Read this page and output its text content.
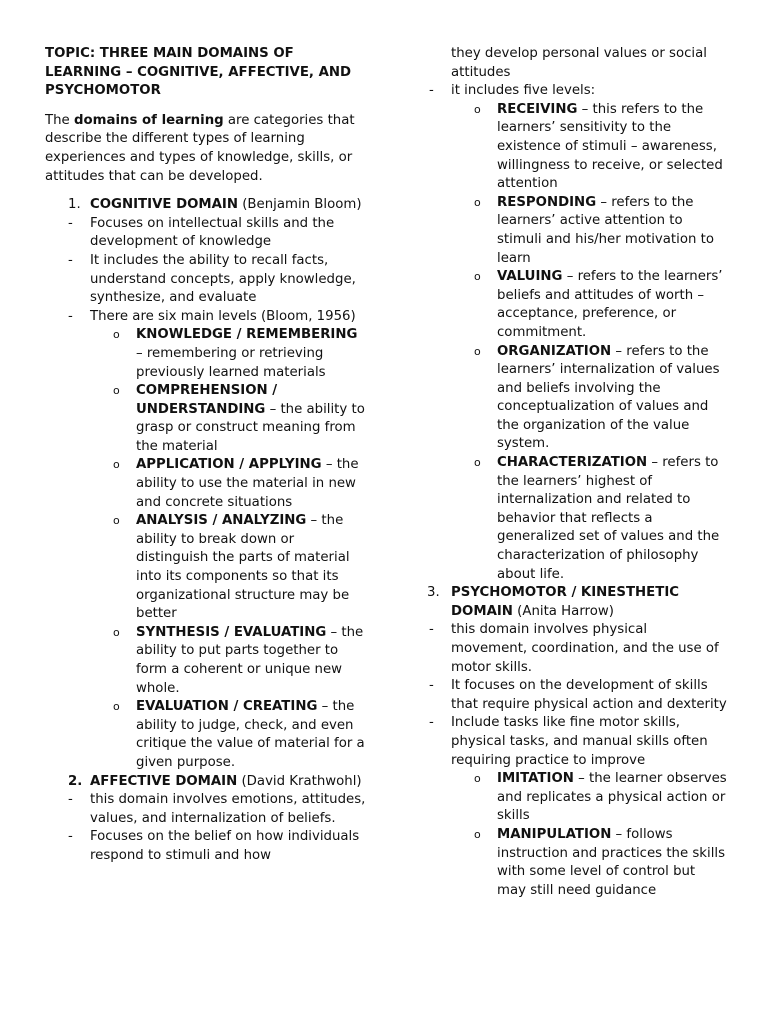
TOPIC: THREE MAIN DOMAINS OF LEARNING – COGNITIVE, AFFECTIVE, AND PSYCHOMOTOR

The domains of learning are categories that describe the different types of learning experiences and types of knowledge, skills, or attitudes that can be developed.

1. COGNITIVE DOMAIN (Benjamin Bloom)
- Focuses on intellectual skills and the development of knowledge
- It includes the ability to recall facts, understand concepts, apply knowledge, synthesize, and evaluate
- There are six main levels (Bloom, 1956)
o KNOWLEDGE / REMEMBERING – remembering or retrieving previously learned materials
o COMPREHENSION / UNDERSTANDING – the ability to grasp or construct meaning from the material
o APPLICATION / APPLYING – the ability to use the material in new and concrete situations
o ANALYSIS / ANALYZING – the ability to break down or distinguish the parts of material into its components so that its organizational structure may be better
o SYNTHESIS / EVALUATING – the ability to put parts together to form a coherent or unique new whole.
o EVALUATION / CREATING – the ability to judge, check, and even critique the value of material for a given purpose.
2. AFFECTIVE DOMAIN (David Krathwohl)
- this domain involves emotions, attitudes, values, and internalization of beliefs.
- Focuses on the belief on how individuals respond to stimuli and how
they develop personal values or social attitudes
- it includes five levels:
o RECEIVING – this refers to the learners’ sensitivity to the existence of stimuli – awareness, willingness to receive, or selected attention
o RESPONDING – refers to the learners’ active attention to stimuli and his/her motivation to learn
o VALUING – refers to the learners’ beliefs and attitudes of worth – acceptance, preference, or commitment.
o ORGANIZATION – refers to the learners’ internalization of values and beliefs involving the conceptualization of values and the organization of the value system.
o CHARACTERIZATION – refers to the learners’ highest of internalization and related to behavior that reflects a generalized set of values and the characterization of philosophy about life.
3. PSYCHOMOTOR / KINESTHETIC DOMAIN (Anita Harrow)
- this domain involves physical movement, coordination, and the use of motor skills.
- It focuses on the development of skills that require physical action and dexterity
- Include tasks like fine motor skills, physical tasks, and manual skills often requiring practice to improve
o IMITATION – the learner observes and replicates a physical action or skills
o MANIPULATION – follows instruction and practices the skills with some level of control but may still need guidance
